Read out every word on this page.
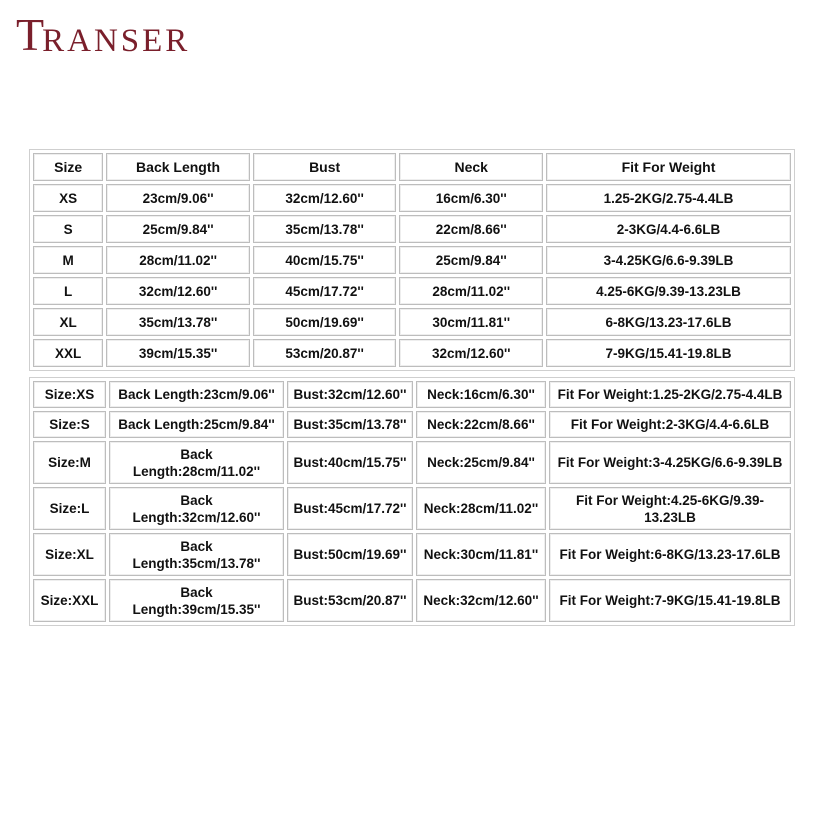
T
RANSER
Size	Back Length	Bust	Neck	Fit For Weight
XS	23cm/9.06''	32cm/12.60''	16cm/6.30''	1.25-2KG/2.75-4.4LB
S	25cm/9.84''	35cm/13.78''	22cm/8.66''	2-3KG/4.4-6.6LB
M	28cm/11.02''	40cm/15.75''	25cm/9.84''	3-4.25KG/6.6-9.39LB
L	32cm/12.60''	45cm/17.72''	28cm/11.02''	4.25-6KG/9.39-13.23LB
XL	35cm/13.78''	50cm/19.69''	30cm/11.81''	6-8KG/13.23-17.6LB
XXL	39cm/15.35''	53cm/20.87''	32cm/12.60''	7-9KG/15.41-19.8LB
Size:XS	Back Length:23cm/9.06''	Bust:32cm/12.60''	Neck:16cm/6.30''	Fit For Weight:1.25-2KG/2.75-4.4LB
Size:S	Back Length:25cm/9.84''	Bust:35cm/13.78''	Neck:22cm/8.66''	Fit For Weight:2-3KG/4.4-6.6LB
Size:M	Back Length:28cm/11.02''	Bust:40cm/15.75''	Neck:25cm/9.84''	Fit For Weight:3-4.25KG/6.6-9.39LB
Size:L	Back Length:32cm/12.60''	Bust:45cm/17.72''	Neck:28cm/11.02''	Fit For Weight:4.25-6KG/9.39-13.23LB
Size:XL	Back Length:35cm/13.78''	Bust:50cm/19.69''	Neck:30cm/11.81''	Fit For Weight:6-8KG/13.23-17.6LB
Size:XXL	Back Length:39cm/15.35''	Bust:53cm/20.87''	Neck:32cm/12.60''	Fit For Weight:7-9KG/15.41-19.8LB
